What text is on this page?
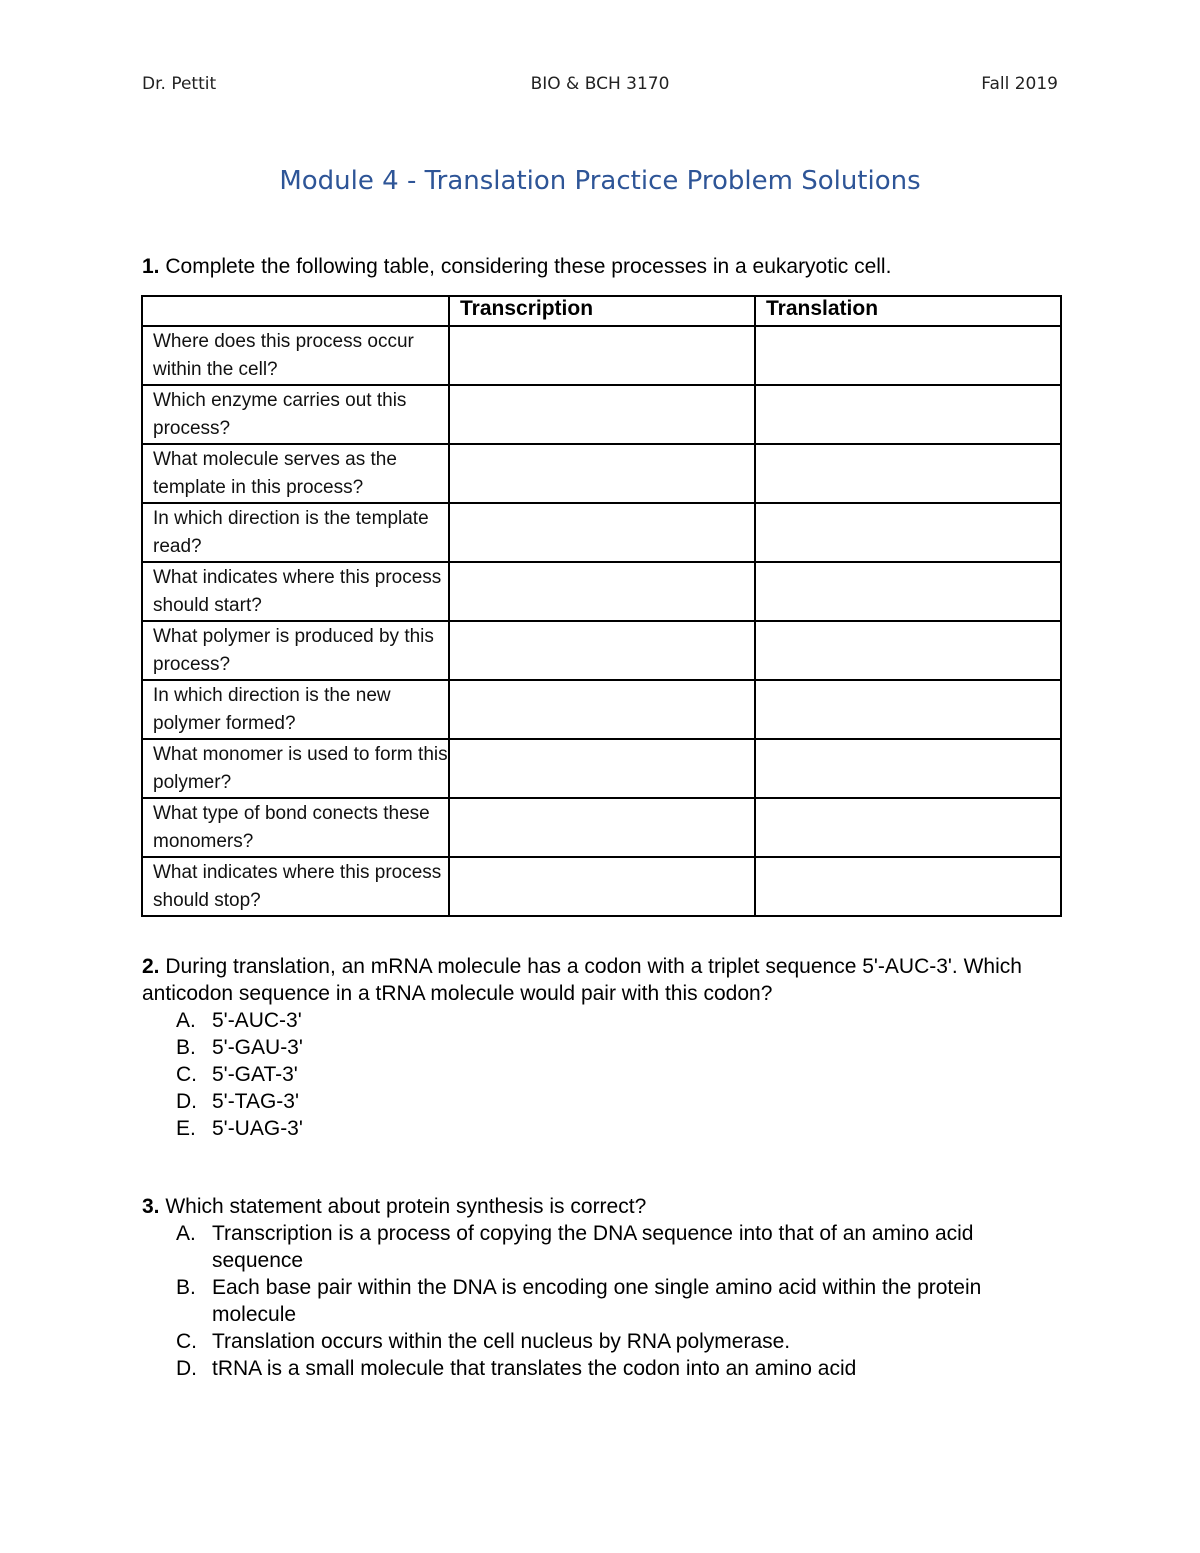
Dr. Pettit	BIO & BCH 3170	Fall 2019
Module 4 - Translation Practice Problem Solutions
1. Complete the following table, considering these processes in a eukaryotic cell.
	Transcription	Translation
Where does this process occur within the cell?		
Which enzyme carries out this process?		
What molecule serves as the template in this process?		
In which direction is the template read?		
What indicates where this process should start?		
What polymer is produced by this process?		
In which direction is the new polymer formed?		
What monomer is used to form this polymer?		
What type of bond conects these monomers?		
What indicates where this process should stop?		
2. During translation, an mRNA molecule has a codon with a triplet sequence 5'-AUC-3'. Which anticodon sequence in a tRNA molecule would pair with this codon?
A. 5'-AUC-3'
B. 5'-GAU-3'
C. 5'-GAT-3'
D. 5'-TAG-3'
E. 5'-UAG-3'
3. Which statement about protein synthesis is correct?
A. Transcription is a process of copying the DNA sequence into that of an amino acid sequence
B. Each base pair within the DNA is encoding one single amino acid within the protein molecule
C. Translation occurs within the cell nucleus by RNA polymerase.
D. tRNA is a small molecule that translates the codon into an amino acid
